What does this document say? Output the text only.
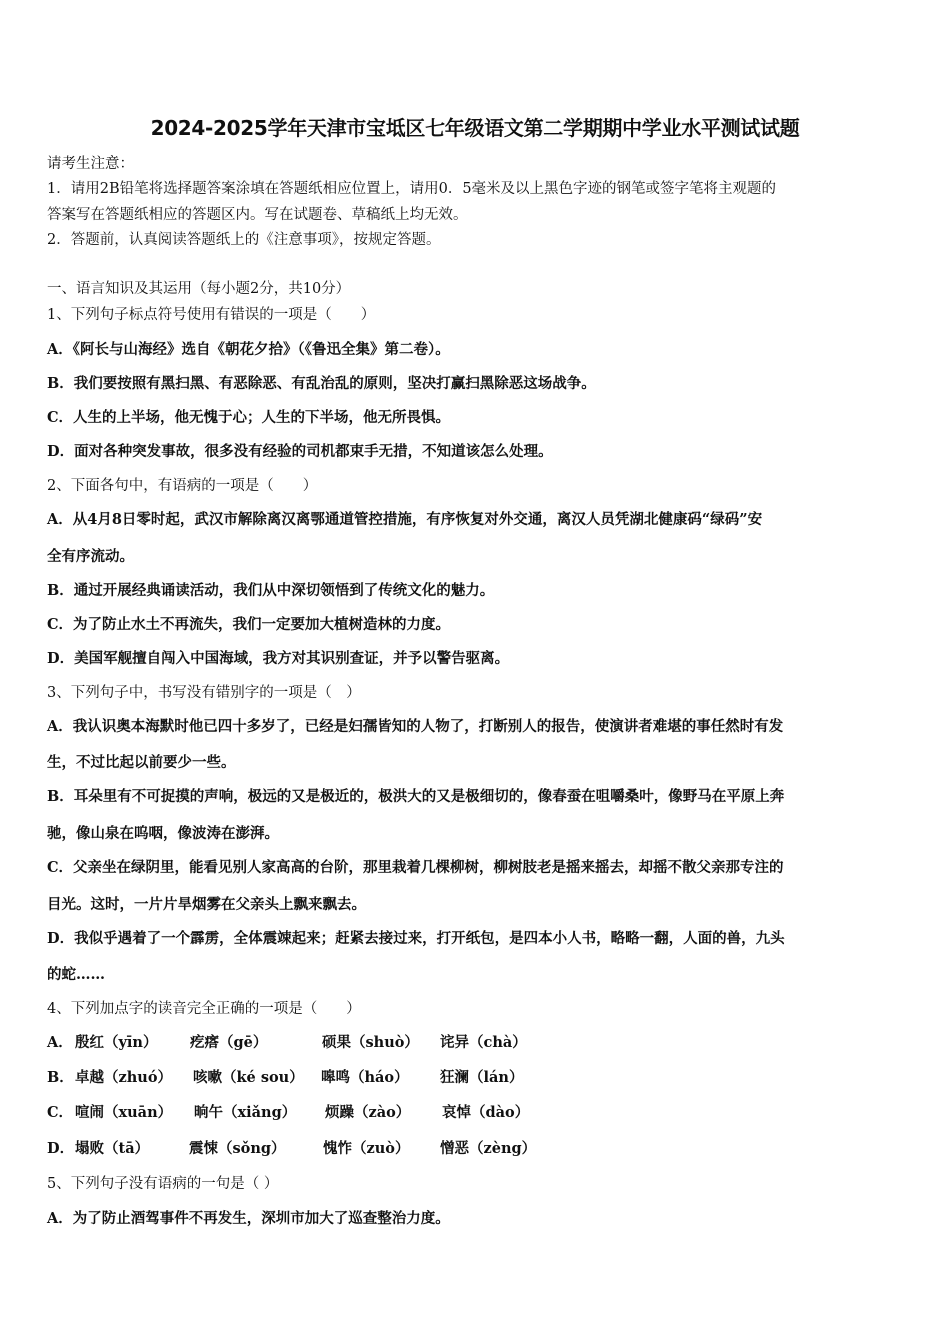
2024-2025学年天津市宝坻区七年级语文第二学期期中学业水平测试试题
请考生注意：
1．请用2B铅笔将选择题答案涂填在答题纸相应位置上，请用0．5毫米及以上黑色字迹的钢笔或签字笔将主观题的
答案写在答题纸相应的答题区内。写在试题卷、草稿纸上均无效。
2．答题前，认真阅读答题纸上的《注意事项》，按规定答题。
一、语言知识及其运用（每小题2分，共10分）
1、下列句子标点符号使用有错误的一项是（　　）
A．《阿长与山海经》选自《朝花夕拾》（《鲁迅全集》第二卷）。
B．我们要按照有黑扫黑、有恶除恶、有乱治乱的原则，坚决打赢扫黑除恶这场战争。
C．人生的上半场，他无愧于心；人生的下半场，他无所畏惧。
D．面对各种突发事故，很多没有经验的司机都束手无措，不知道该怎么处理。
2、下面各句中，有语病的一项是（　　）
A．从4月8日零时起，武汉市解除离汉离鄂通道管控措施，有序恢复对外交通，离汉人员凭湖北健康码“绿码”安
全有序流动。
B．通过开展经典诵读活动，我们从中深切领悟到了传统文化的魅力。
C．为了防止水土不再流失，我们一定要加大植树造林的力度。
D．美国军舰擅自闯入中国海域，我方对其识别查证，并予以警告驱离。
3、下列句子中，书写没有错别字的一项是（　）
A．我认识奥本海默时他已四十多岁了，已经是妇孺皆知的人物了，打断别人的报告，使演讲者难堪的事任然时有发
生，不过比起以前要少一些。
B．耳朵里有不可捉摸的声响，极远的又是极近的，极洪大的又是极细切的，像春蚕在咀嚼桑叶，像野马在平原上奔
驰，像山泉在呜咽，像波涛在澎湃。
C．父亲坐在绿阴里，能看见别人家高高的台阶，那里栽着几棵柳树，柳树肢老是摇来摇去，却摇不散父亲那专注的
目光。这时，一片片旱烟雾在父亲头上飘来飘去。
D．我似乎遇着了一个霹雳，全体震竦起来；赶紧去接过来，打开纸包，是四本小人书，略略一翻，人面的兽，九头
的蛇……
4、下列加点字的读音完全正确的一项是（　　）
A． 殷红（yīn） 疙瘩（gē）	硕果（shuò） 诧异（chà）
B． 卓越（zhuó） 咳嗽（ké sou） 嗥鸣（háo） 狂澜（lán）
C． 喧闹（xuān） 晌午（xiǎng） 烦躁（zào） 哀悼（dào）
D． 塌败（tā）	震悚（sǒng）	愧怍（zuò） 憎恶（zèng）
5、下列句子没有语病的一句是（ ）
A．为了防止酒驾事件不再发生，深圳市加大了巡查整治力度。
